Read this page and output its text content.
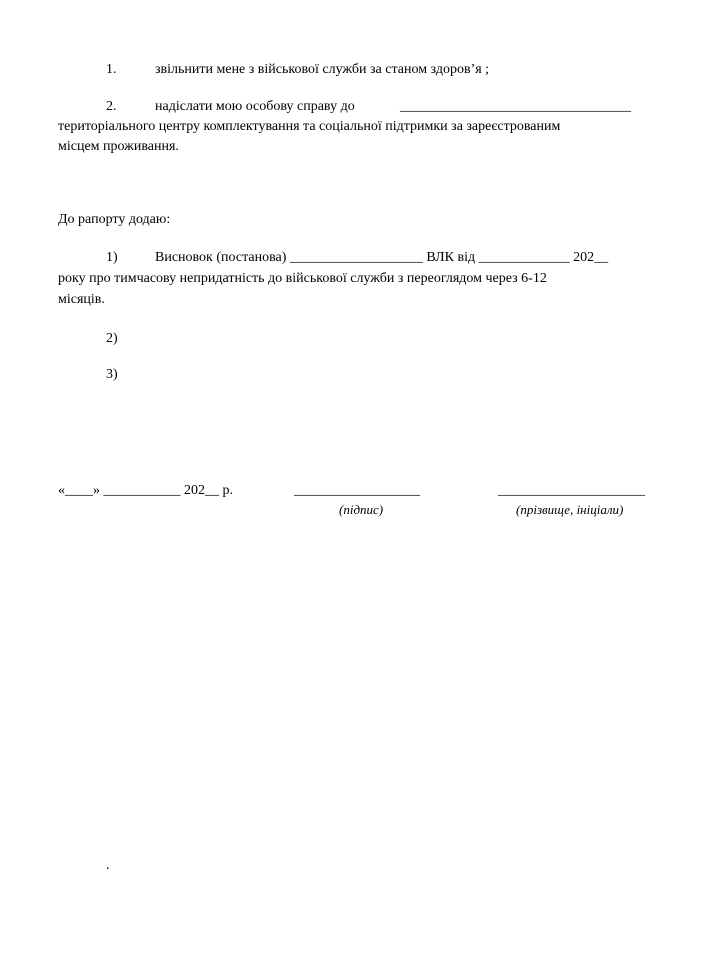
1.	звільнити мене з військової служби за станом здоров’я ;
2.	надіслати мою особову справу до	_________________________________
територіального центру комплектування та соціальної підтримки за зареєстрованим
місцем проживання.
До рапорту додаю:
1)	Висновок (постанова) ___________________ ВЛК від _____________ 202__
року про тимчасову непридатність до військової служби з переоглядом через 6-12
місяців.
2)
3)
«____» ___________ 202__ р.	__________________	_____________________
(підпис)	(прізвище, ініціали)
.
